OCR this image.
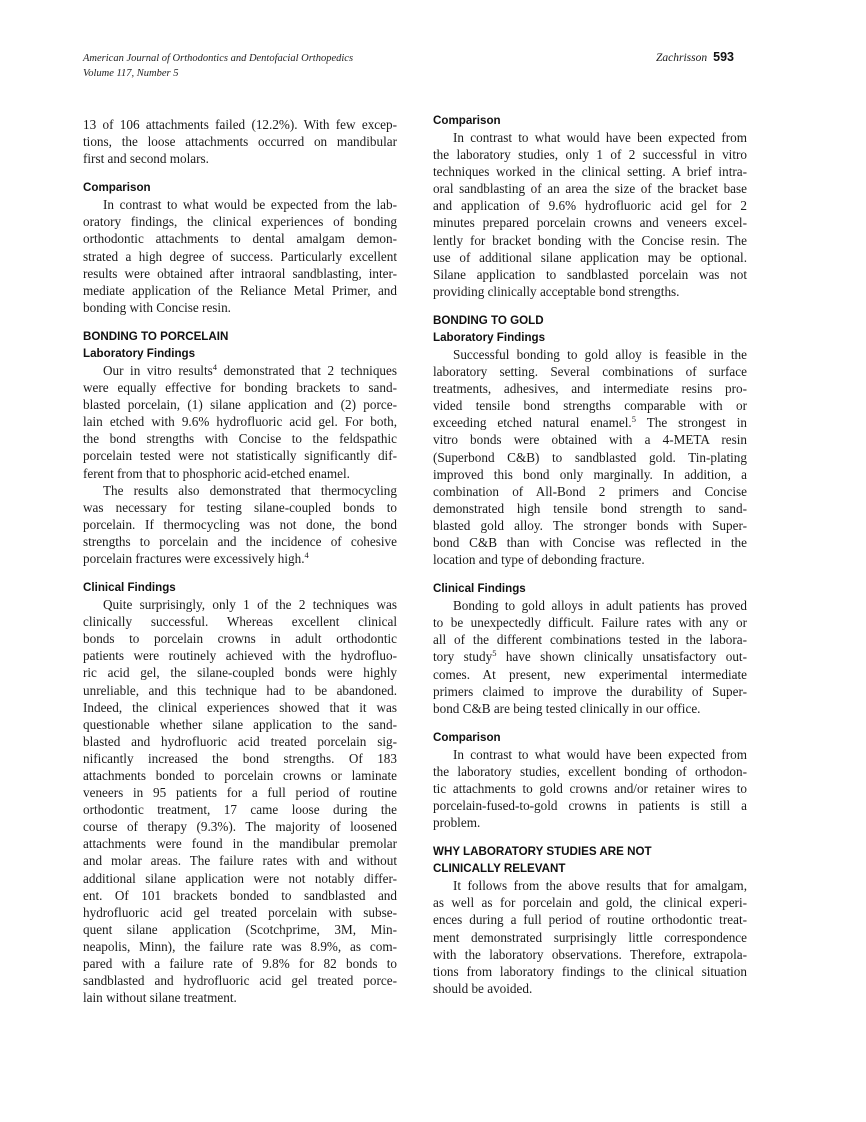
American Journal of Orthodontics and Dentofacial Orthopedics
Volume 117, Number 5
Zachrisson 593
13 of 106 attachments failed (12.2%). With few excep-
tions, the loose attachments occurred on mandibular
first and second molars.
Comparison
In contrast to what would be expected from the lab-
oratory findings, the clinical experiences of bonding
orthodontic attachments to dental amalgam demon-
strated a high degree of success. Particularly excellent
results were obtained after intraoral sandblasting, inter-
mediate application of the Reliance Metal Primer, and
bonding with Concise resin.
BONDING TO PORCELAIN
Laboratory Findings
Our in vitro results$^4$ demonstrated that 2 techniques
were equally effective for bonding brackets to sand-
blasted porcelain, (1) silane application and (2) porce-
lain etched with 9.6% hydrofluoric acid gel. For both,
the bond strengths with Concise to the feldspathic
porcelain tested were not statistically significantly dif-
ferent from that to phosphoric acid-etched enamel.
The results also demonstrated that thermocycling
was necessary for testing silane-coupled bonds to
porcelain. If thermocycling was not done, the bond
strengths to porcelain and the incidence of cohesive
porcelain fractures were excessively high.$^4$
Clinical Findings
Quite surprisingly, only 1 of the 2 techniques was
clinically successful. Whereas excellent clinical
bonds to porcelain crowns in adult orthodontic
patients were routinely achieved with the hydrofluo-
ric acid gel, the silane-coupled bonds were highly
unreliable, and this technique had to be abandoned.
Indeed, the clinical experiences showed that it was
questionable whether silane application to the sand-
blasted and hydrofluoric acid treated porcelain sig-
nificantly increased the bond strengths. Of 183
attachments bonded to porcelain crowns or laminate
veneers in 95 patients for a full period of routine
orthodontic treatment, 17 came loose during the
course of therapy (9.3%). The majority of loosened
attachments were found in the mandibular premolar
and molar areas. The failure rates with and without
additional silane application were not notably differ-
ent. Of 101 brackets bonded to sandblasted and
hydrofluoric acid gel treated porcelain with subse-
quent silane application (Scotchprime, 3M, Min-
neapolis, Minn), the failure rate was 8.9%, as com-
pared with a failure rate of 9.8% for 82 bonds to
sandblasted and hydrofluoric acid gel treated porce-
lain without silane treatment.
Comparison
In contrast to what would have been expected from
the laboratory studies, only 1 of 2 successful in vitro
techniques worked in the clinical setting. A brief intra-
oral sandblasting of an area the size of the bracket base
and application of 9.6% hydrofluoric acid gel for 2
minutes prepared porcelain crowns and veneers excel-
lently for bracket bonding with the Concise resin. The
use of additional silane application may be optional.
Silane application to sandblasted porcelain was not
providing clinically acceptable bond strengths.
BONDING TO GOLD
Laboratory Findings
Successful bonding to gold alloy is feasible in the
laboratory setting. Several combinations of surface
treatments, adhesives, and intermediate resins pro-
vided tensile bond strengths comparable with or
exceeding etched natural enamel.$^5$ The strongest in
vitro bonds were obtained with a 4-META resin
(Superbond C&B) to sandblasted gold. Tin-plating
improved this bond only marginally. In addition, a
combination of All-Bond 2 primers and Concise
demonstrated high tensile bond strength to sand-
blasted gold alloy. The stronger bonds with Super-
bond C&B than with Concise was reflected in the
location and type of debonding fracture.
Clinical Findings
Bonding to gold alloys in adult patients has proved
to be unexpectedly difficult. Failure rates with any or
all of the different combinations tested in the labora-
tory study$^5$ have shown clinically unsatisfactory out-
comes. At present, new experimental intermediate
primers claimed to improve the durability of Super-
bond C&B are being tested clinically in our office.
Comparison
In contrast to what would have been expected from
the laboratory studies, excellent bonding of orthodon-
tic attachments to gold crowns and/or retainer wires to
porcelain-fused-to-gold crowns in patients is still a
problem.
WHY LABORATORY STUDIES ARE NOT
CLINICALLY RELEVANT
It follows from the above results that for amalgam,
as well as for porcelain and gold, the clinical experi-
ences during a full period of routine orthodontic treat-
ment demonstrated surprisingly little correspondence
with the laboratory observations. Therefore, extrapola-
tions from laboratory findings to the clinical situation
should be avoided.
